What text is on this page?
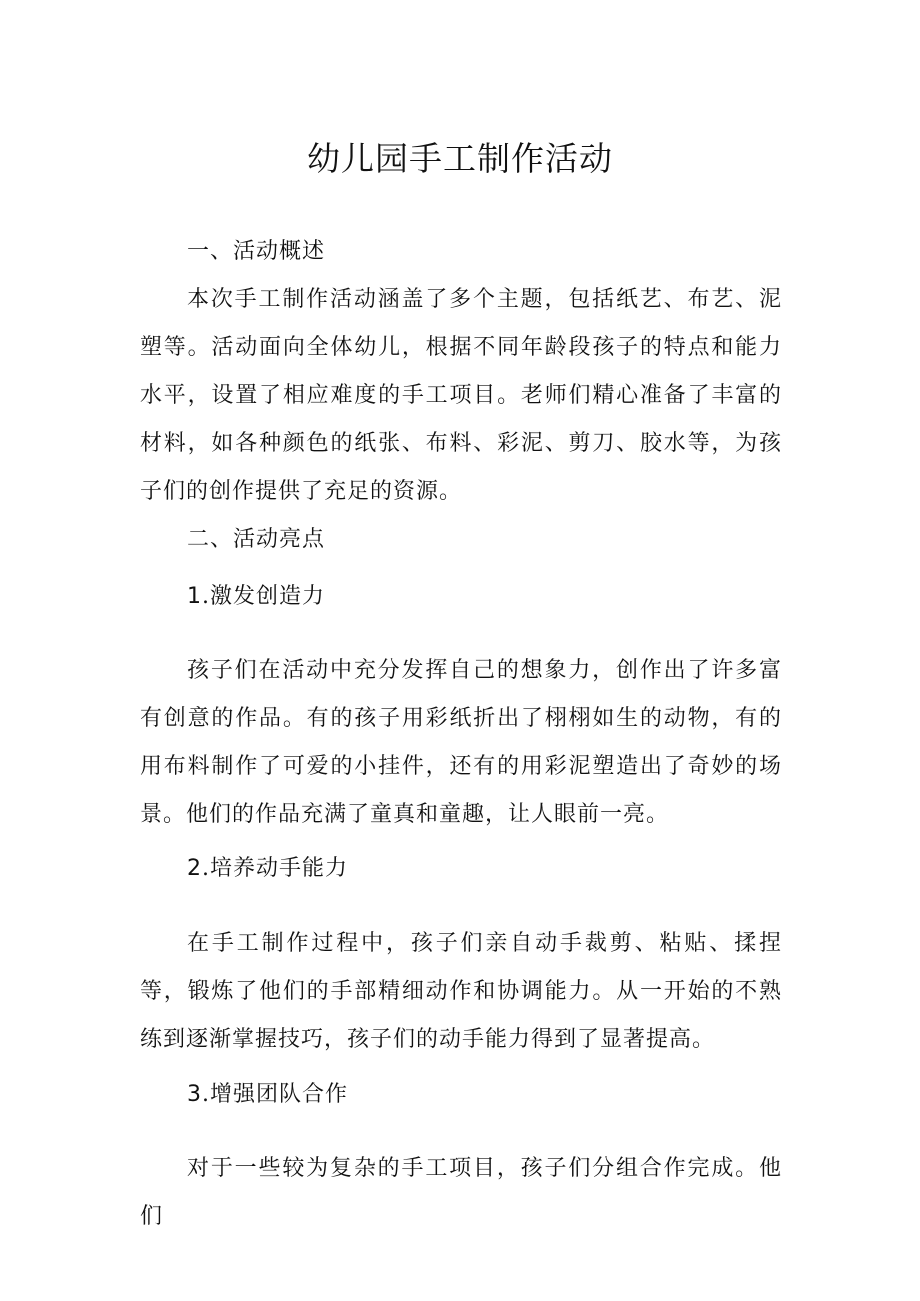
幼儿园手工制作活动
一、活动概述
本次手工制作活动涵盖了多个主题，包括纸艺、布艺、泥塑等。活动面向全体幼儿，根据不同年龄段孩子的特点和能力水平，设置了相应难度的手工项目。老师们精心准备了丰富的材料，如各种颜色的纸张、布料、彩泥、剪刀、胶水等，为孩子们的创作提供了充足的资源。
二、活动亮点
1.激发创造力
孩子们在活动中充分发挥自己的想象力，创作出了许多富有创意的作品。有的孩子用彩纸折出了栩栩如生的动物，有的用布料制作了可爱的小挂件，还有的用彩泥塑造出了奇妙的场景。他们的作品充满了童真和童趣，让人眼前一亮。
2.培养动手能力
在手工制作过程中，孩子们亲自动手裁剪、粘贴、揉捏等，锻炼了他们的手部精细动作和协调能力。从一开始的不熟练到逐渐掌握技巧，孩子们的动手能力得到了显著提高。
3.增强团队合作
对于一些较为复杂的手工项目，孩子们分组合作完成。他们
